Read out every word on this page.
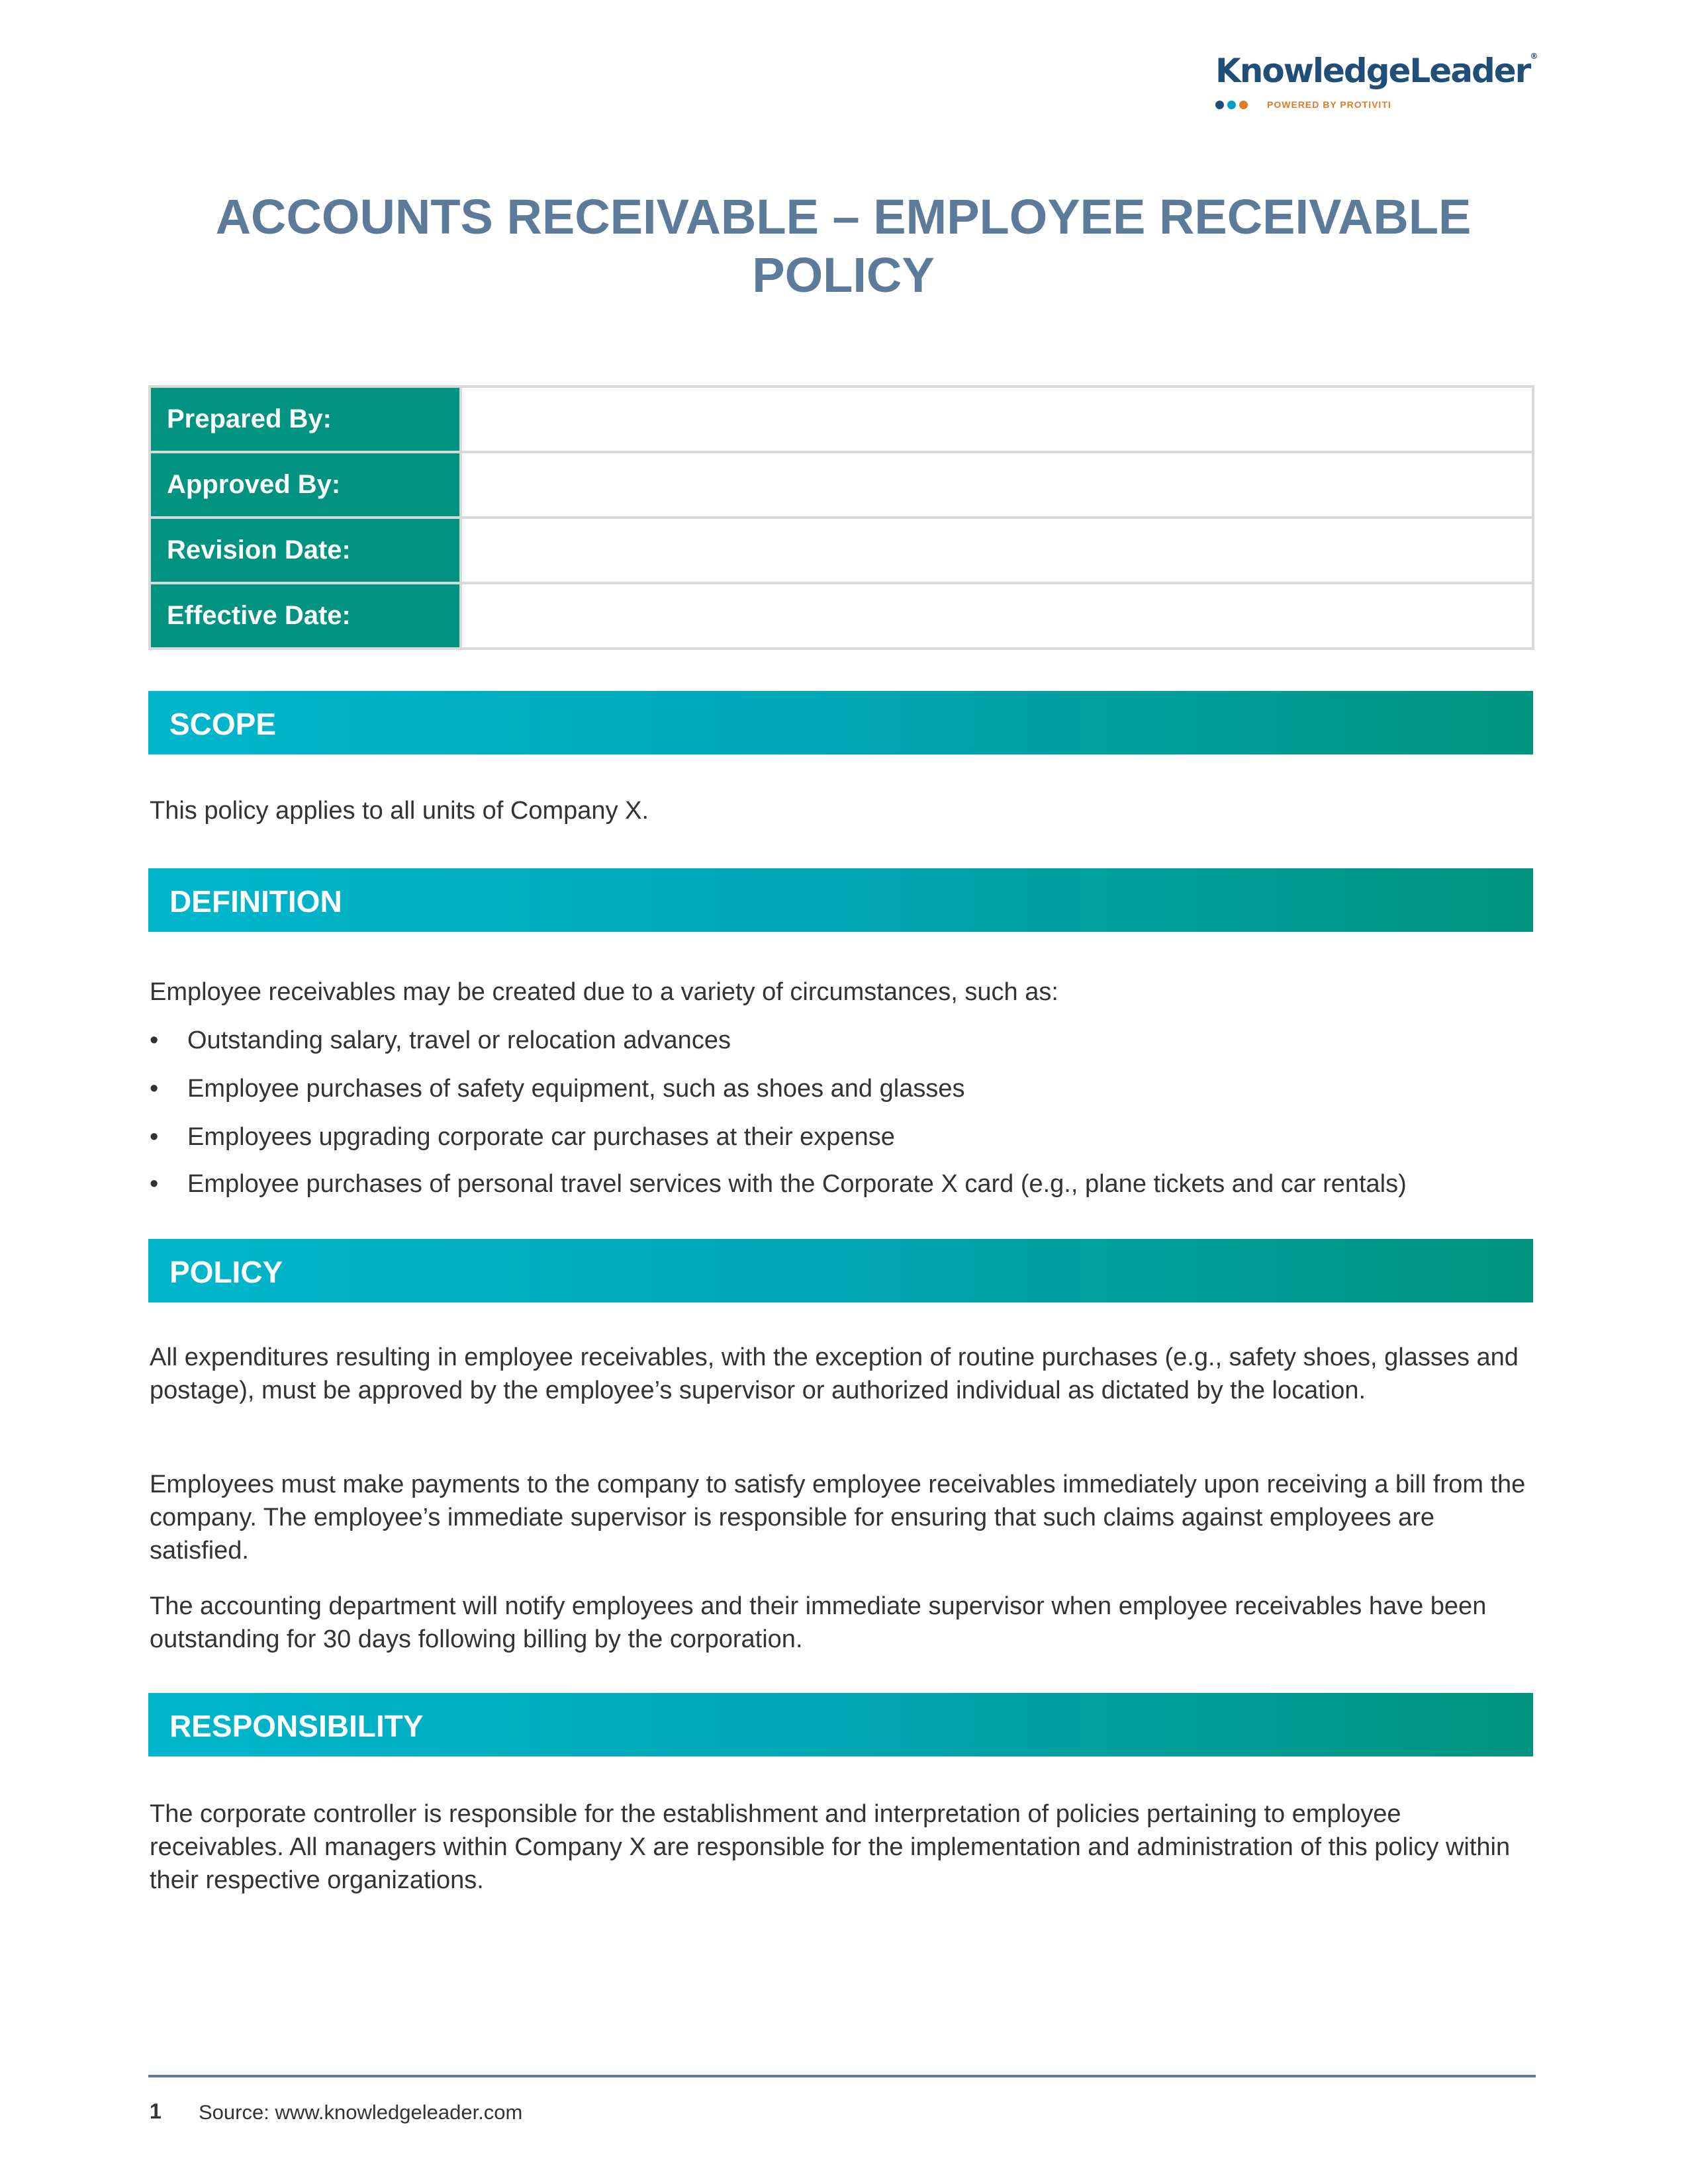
KnowledgeLeader®
POWERED BY PROTIVITI
ACCOUNTS RECEIVABLE – EMPLOYEE RECEIVABLE POLICY
Prepared By:	
Approved By:	
Revision Date:	
Effective Date:	
SCOPE

This policy applies to all units of Company X.

DEFINITION

Employee receivables may be created due to a variety of circumstances, such as:

• Outstanding salary, travel or relocation advances
• Employee purchases of safety equipment, such as shoes and glasses
• Employees upgrading corporate car purchases at their expense
• Employee purchases of personal travel services with the Corporate X card (e.g., plane tickets and car rentals)
POLICY

All expenditures resulting in employee receivables, with the exception of routine purchases (e.g., safety shoes, glasses and postage), must be approved by the employee’s supervisor or authorized individual as dictated by the location.

Employees must make payments to the company to satisfy employee receivables immediately upon receiving a bill from the company. The employee’s immediate supervisor is responsible for ensuring that such claims against employees are satisfied.

The accounting department will notify employees and their immediate supervisor when employee receivables have been outstanding for 30 days following billing by the corporation.

RESPONSIBILITY

The corporate controller is responsible for the establishment and interpretation of policies pertaining to employee receivables. All managers within Company X are responsible for the implementation and administration of this policy within their respective organizations.

1 Source: www.knowledgeleader.com
